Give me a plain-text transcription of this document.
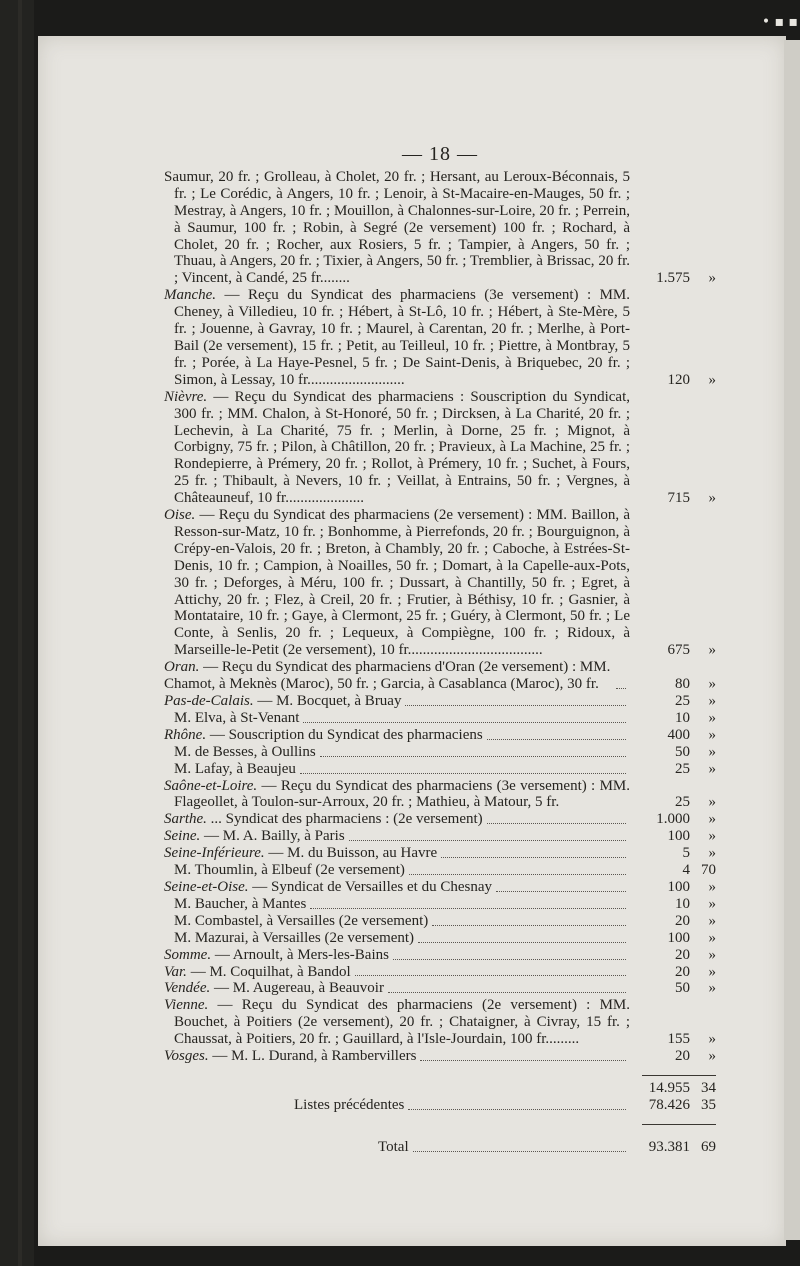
• ▪ ▪
— 18 —
Saumur, 20 fr. ; Grolleau, à Cholet, 20 fr. ; Hersant, au Leroux-Béconnais, 5 fr. ; Le Corédic, à Angers, 10 fr. ; Lenoir, à St-Macaire-en-Mauges, 50 fr. ; Mestray, à Angers, 10 fr. ; Mouillon, à Chalonnes-sur-Loire, 20 fr. ; Perrein, à Saumur, 100 fr. ; Robin, à Segré (2e versement) 100 fr. ; Rochard, à Cholet, 20 fr. ; Rocher, aux Rosiers, 5 fr. ; Tampier, à Angers, 50 fr. ; Thuau, à Angers, 20 fr. ; Tixier, à Angers, 50 fr. ; Tremblier, à Brissac, 20 fr. ; Vincent, à Candé, 25 fr........	1.575	»
Manche. — Reçu du Syndicat des pharmaciens (3e versement) : MM. Cheney, à Villedieu, 10 fr. ; Hébert, à St-Lô, 10 fr. ; Hébert, à Ste-Mère, 5 fr. ; Jouenne, à Gavray, 10 fr. ; Maurel, à Carentan, 20 fr. ; Merlhe, à Port-Bail (2e versement), 15 fr. ; Petit, au Teilleul, 10 fr. ; Piettre, à Montbray, 5 fr. ; Porée, à La Haye-Pesnel, 5 fr. ; De Saint-Denis, à Briquebec, 20 fr. ; Simon, à Lessay, 10 fr..........................	120	»
Nièvre. — Reçu du Syndicat des pharmaciens : Souscription du Syndicat, 300 fr. ; MM. Chalon, à St-Honoré, 50 fr. ; Dircksen, à La Charité, 20 fr. ; Lechevin, à La Charité, 75 fr. ; Merlin, à Dorne, 25 fr. ; Mignot, à Corbigny, 75 fr. ; Pilon, à Châtillon, 20 fr. ; Pravieux, à La Machine, 25 fr. ; Rondepierre, à Prémery, 20 fr. ; Rollot, à Prémery, 10 fr. ; Suchet, à Fours, 25 fr. ; Thibault, à Nevers, 10 fr. ; Veillat, à Entrains, 50 fr. ; Vergnes, à Châteauneuf, 10 fr.....................	715	»
Oise. — Reçu du Syndicat des pharmaciens (2e versement) : MM. Baillon, à Resson-sur-Matz, 10 fr. ; Bonhomme, à Pierrefonds, 20 fr. ; Bourguignon, à Crépy-en-Valois, 20 fr. ; Breton, à Chambly, 20 fr. ; Caboche, à Estrées-St-Denis, 10 fr. ; Campion, à Noailles, 50 fr. ; Domart, à la Capelle-aux-Pots, 30 fr. ; Deforges, à Méru, 100 fr. ; Dussart, à Chantilly, 50 fr. ; Egret, à Attichy, 20 fr. ; Flez, à Creil, 20 fr. ; Frutier, à Béthisy, 10 fr. ; Gasnier, à Montataire, 10 fr. ; Gaye, à Clermont, 25 fr. ; Guéry, à Clermont, 50 fr. ; Le Conte, à Senlis, 20 fr. ; Lequeux, à Compiègne, 100 fr. ; Ridoux, à Marseille-le-Petit (2e versement), 10 fr....................................	675	»
Oran. — Reçu du Syndicat des pharmaciens d'Oran (2e versement) : MM. Chamot, à Meknès (Maroc), 50 fr. ; Garcia, à Casablanca (Maroc), 30 fr.	80	»
Pas-de-Calais. — M. Bocquet, à Bruay	25	»
M. Elva, à St-Venant	10	»
Rhône. — Souscription du Syndicat des pharmaciens	400	»
M. de Besses, à Oullins	50	»
M. Lafay, à Beaujeu	25	»
Saône-et-Loire. — Reçu du Syndicat des pharmaciens (3e versement) : MM. Flageollet, à Toulon-sur-Arroux, 20 fr. ; Mathieu, à Matour, 5 fr.	25	»
Sarthe. ... Syndicat des pharmaciens : (2e versement)	1.000	»
Seine. — M. A. Bailly, à Paris	100	»
Seine-Inférieure. — M. du Buisson, au Havre	5	»
M. Thoumlin, à Elbeuf (2e versement)	4 70
Seine-et-Oise. — Syndicat de Versailles et du Chesnay	100	»
M. Baucher, à Mantes	10	»
M. Combastel, à Versailles (2e versement)	20	»
M. Mazurai, à Versailles (2e versement)	100	»
Somme. — Arnoult, à Mers-les-Bains	20	»
Var. — M. Coquilhat, à Bandol	20	»
Vendée. — M. Augereau, à Beauvoir	50	»
Vienne. — Reçu du Syndicat des pharmaciens (2e versement) : MM. Bouchet, à Poitiers (2e versement), 20 fr. ; Chataigner, à Civray, 15 fr. ; Chaussat, à Poitiers, 20 fr. ; Gauillard, à l'Isle-Jourdain, 100 fr.........	155	»
Vosges. — M. L. Durand, à Rambervillers	20	»
14.955 34
Listes précédentes	78.426 35
Total	93.381 69
